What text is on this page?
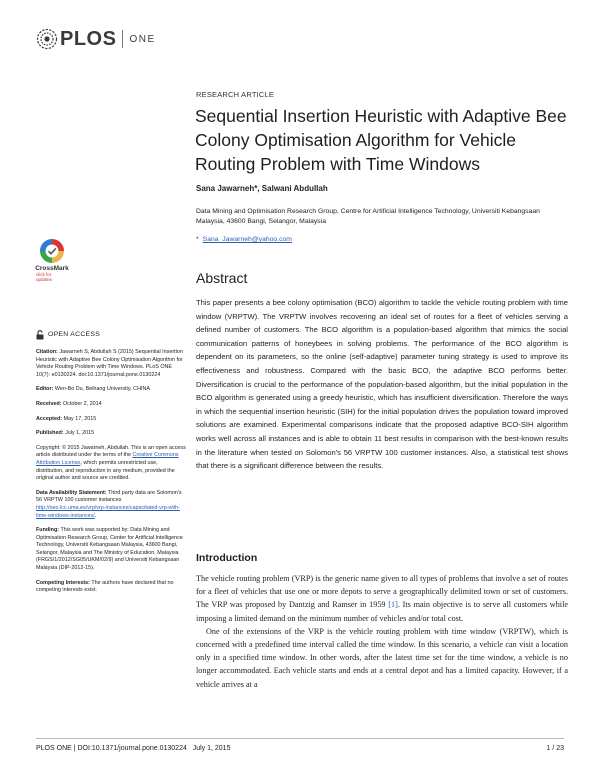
PLOS ONE
RESEARCH ARTICLE
Sequential Insertion Heuristic with Adaptive Bee Colony Optimisation Algorithm for Vehicle Routing Problem with Time Windows
Sana Jawarneh*, Salwani Abdullah
Data Mining and Optimisation Research Group, Centre for Artificial Intelligence Technology, Universiti Kebangsaan Malaysia, 43600 Bangi, Selangor, Malaysia
* Sana_Jawarneh@yahoo.com
CrossMark
click for updates
OPEN ACCESS
Citation: Jawarneh S, Abdullah S (2015) Sequential Insertion Heuristic with Adaptive Bee Colony Optimisation Algorithm for Vehicle Routing Problem with Time Windows. PLoS ONE 10(7): e0130224. doi:10.1371/journal.pone.0130224
Editor: Wen-Bo Du, Beihang University, CHINA
Received: October 2, 2014
Accepted: May 17, 2015
Published: July 1, 2015
Copyright: © 2015 Jawarneh, Abdullah. This is an open access article distributed under the terms of the Creative Commons Attribution License, which permits unrestricted use, distribution, and reproduction in any medium, provided the original author and source are credited.
Data Availability Statement: Third party data are Solomon's 56 VRPTW 100 customer instances http://neo.lcc.uma.es/vrp/vrp-instances/capacitated-vrp-with-time-windows-instances/.
Funding: This work was supported by: Data Mining and Optimisation Research Group, Center for Artificial Intelligence Technology, Universiti Kebangsaan Malaysia, 43600 Bangi, Selangor, Malaysia and The Ministry of Education, Malaysia (FRGS/1/2012/SG05/UKM/02/9) and Universiti Kebangsaan Malaysia (DIP-2012-15).
Competing Interests: The authors have declared that no competing interests exist.
Abstract

This paper presents a bee colony optimisation (BCO) algorithm to tackle the vehicle routing problem with time window (VRPTW). The VRPTW involves recovering an ideal set of routes for a fleet of vehicles serving a defined number of customers. The BCO algorithm is a population-based algorithm that mimics the social communication patterns of honeybees in solving problems. The performance of the BCO algorithm is dependent on its parameters, so the online (self-adaptive) parameter tuning strategy is used to improve its effectiveness and robustness. Compared with the basic BCO, the adaptive BCO performs better. Diversification is crucial to the performance of the population-based algorithm, but the initial population in the BCO algorithm is generated using a greedy heuristic, which has insufficient diversification. Therefore the ways in which the sequential insertion heuristic (SIH) for the initial population drives the population toward improved solutions are examined. Experimental comparisons indicate that the proposed adaptive BCO-SIH algorithm works well across all instances and is able to obtain 11 best results in comparison with the best-known results in the literature when tested on Solomon's 56 VRPTW 100 customer instances. Also, a statistical test shows that there is a significant difference between the results.

Introduction

The vehicle routing problem (VRP) is the generic name given to all types of problems that involve a set of routes for a fleet of vehicles that use one or more depots to serve a geographically delimited town or set of customers. The VRP was proposed by Dantzig and Ramser in 1959 [1]. Its main objective is to serve all customers while imposing a limited demand on the minimum number of vehicles and/or total cost.

One of the extensions of the VRP is the vehicle routing problem with time window (VRPTW), which is concerned with a predefined time interval called the time window. In this scenario, a vehicle can visit a location only in a specified time window. In other words, after the latest time set for the time window, a vehicle is no longer accommodated. Each vehicle starts and ends at a central depot and has a limited capacity. However, if a vehicle arrives at a

PLOS ONE | DOI:10.1371/journal.pone.0130224 July 1, 2015	1 / 23
